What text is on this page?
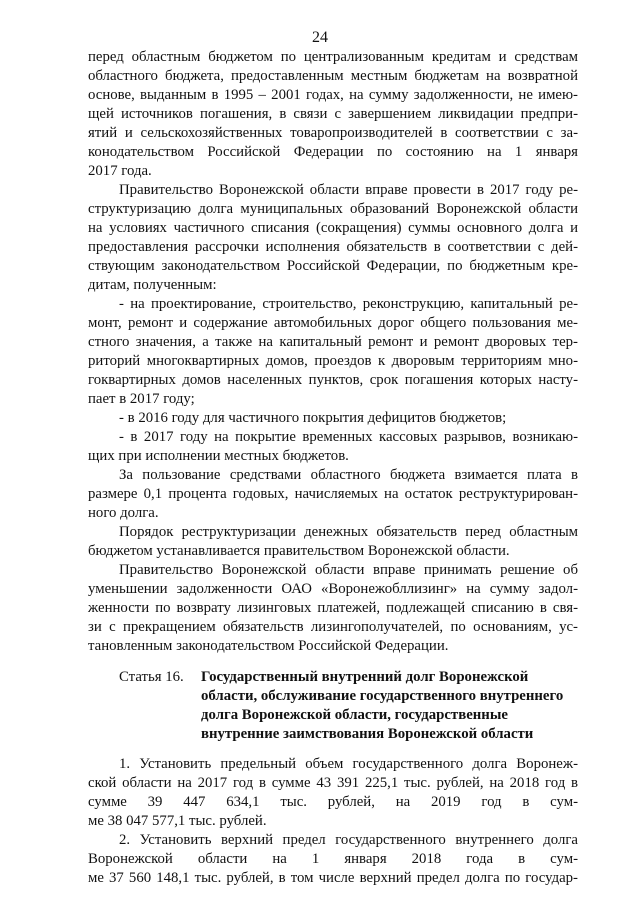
24
перед областным бюджетом по централизованным кредитам и средствам
областного бюджета, предоставленным местным бюджетам на возвратной
основе, выданным в 1995 – 2001 годах, на сумму задолженности, не имею-
щей источников погашения, в связи с завершением ликвидации предпри-
ятий и сельскохозяйственных товаропроизводителей в соответствии с за-
конодательством Российской Федерации по состоянию на 1 января
2017 года.
Правительство Воронежской области вправе провести в 2017 году ре-
структуризацию долга муниципальных образований Воронежской области
на условиях частичного списания (сокращения) суммы основного долга и
предоставления рассрочки исполнения обязательств в соответствии с дей-
ствующим законодательством Российской Федерации, по бюджетным кре-
дитам, полученным:
- на проектирование, строительство, реконструкцию, капитальный ре-
монт, ремонт и содержание автомобильных дорог общего пользования ме-
стного значения, а также на капитальный ремонт и ремонт дворовых тер-
риторий многоквартирных домов, проездов к дворовым территориям мно-
гоквартирных домов населенных пунктов, срок погашения которых насту-
пает в 2017 году;
- в 2016 году для частичного покрытия дефицитов бюджетов;
- в 2017 году на покрытие временных кассовых разрывов, возникаю-
щих при исполнении местных бюджетов.
За пользование средствами областного бюджета взимается плата в
размере 0,1 процента годовых, начисляемых на остаток реструктурирован-
ного долга.
Порядок реструктуризации денежных обязательств перед областным
бюджетом устанавливается правительством Воронежской области.
Правительство Воронежской области вправе принимать решение об
уменьшении задолженности ОАО «Воронежобллизинг» на сумму задол-
женности по возврату лизинговых платежей, подлежащей списанию в свя-
зи с прекращением обязательств лизингополучателей, по основаниям, ус-
тановленным законодательством Российской Федерации.
Статья 16. Государственный внутренний долг Воронежской
области, обслуживание государственного внутреннего
долга Воронежской области, государственные
внутренние заимствования Воронежской области
1. Установить предельный объем государственного долга Воронеж-
ской области на 2017 год в сумме 43 391 225,1 тыс. рублей, на 2018 год в
сумме 39 447 634,1 тыс. рублей, на 2019 год в сум-
ме 38 047 577,1 тыс. рублей.
2. Установить верхний предел государственного внутреннего долга
Воронежской области на 1 января 2018 года в сум-
ме 37 560 148,1 тыс. рублей, в том числе верхний предел долга по государ-
